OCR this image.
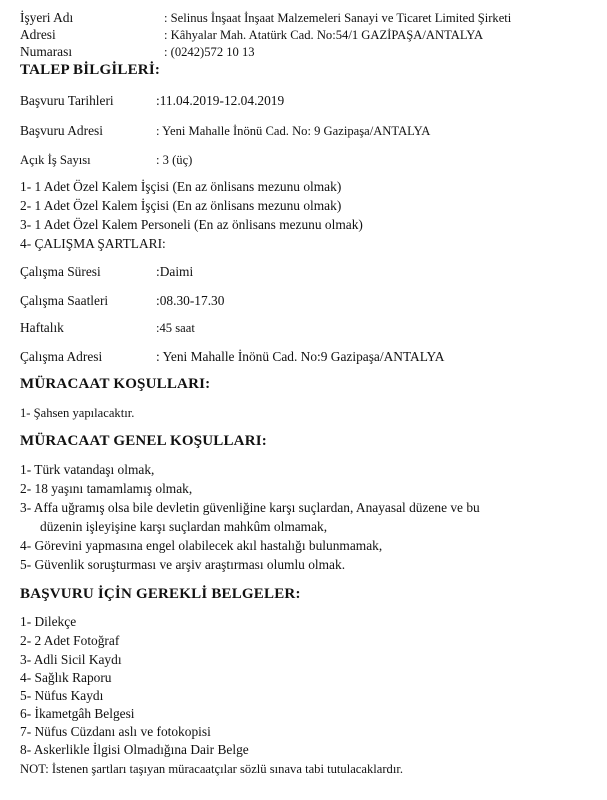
İşyeri Adı	: Selinus İnşaat İnşaat Malzemeleri Sanayi ve Ticaret Limited Şirketi
Adresi	: Kâhyalar Mah. Atatürk Cad. No:54/1 GAZİPAŞA/ANTALYA
Numarası	: (0242)572 10 13
TALEP BİLGİLERİ:
Başvuru Tarihleri	:11.04.2019-12.04.2019
Başvuru Adresi	: Yeni Mahalle İnönü Cad. No: 9 Gazipaşa/ANTALYA
Açık İş Sayısı	: 3 (üç)
1- 1 Adet Özel Kalem İşçisi (En az önlisans mezunu olmak)
2- 1 Adet Özel Kalem İşçisi (En az önlisans mezunu olmak)
3- 1 Adet Özel Kalem Personeli (En az önlisans mezunu olmak)
4- ÇALIŞMA ŞARTLARI:
Çalışma Süresi	:Daimi
Çalışma Saatleri	:08.30-17.30
Haftalık	:45 saat
Çalışma Adresi	: Yeni Mahalle İnönü Cad. No:9 Gazipaşa/ANTALYA
MÜRACAAT KOŞULLARI:
1- Şahsen yapılacaktır.
MÜRACAAT GENEL KOŞULLARI:
1- Türk vatandaşı olmak,
2- 18 yaşını tamamlamış olmak,
3- Affa uğramış olsa bile devletin güvenliğine karşı suçlardan, Anayasal düzene ve bu
düzenin işleyişine karşı suçlardan mahkûm olmamak,
4- Görevini yapmasına engel olabilecek akıl hastalığı bulunmamak,
5- Güvenlik soruşturması ve arşiv araştırması olumlu olmak.
BAŞVURU İÇİN GEREKLİ BELGELER:
1- Dilekçe
2- 2 Adet Fotoğraf
3- Adli Sicil Kaydı
4- Sağlık Raporu
5- Nüfus Kaydı
6- İkametgâh Belgesi
7- Nüfus Cüzdanı aslı ve fotokopisi
8- Askerlikle İlgisi Olmadığına Dair Belge
NOT: İstenen şartları taşıyan müracaatçılar sözlü sınava tabi tutulacaklardır.
